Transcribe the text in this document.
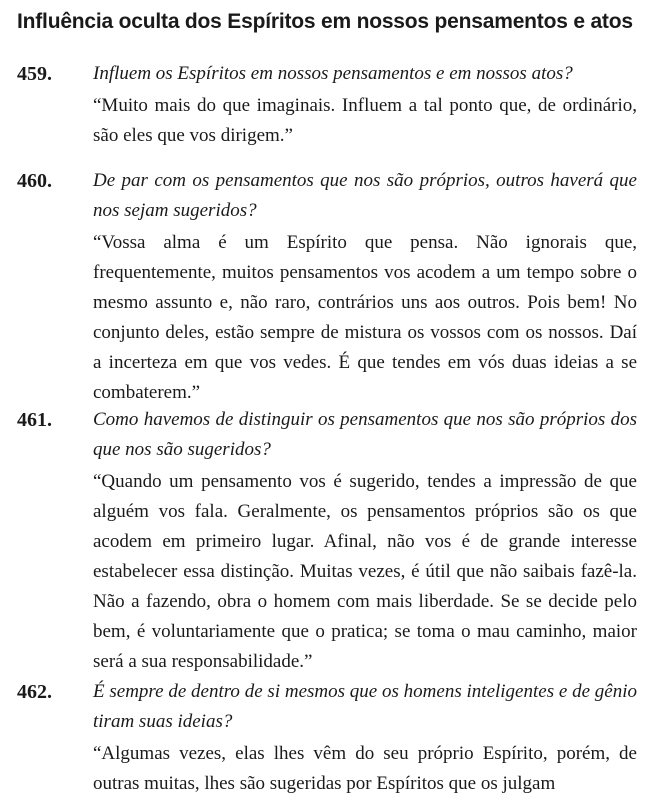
Influência oculta dos Espíritos em nossos pensamentos e atos
459. Influem os Espíritos em nossos pensamentos e em nossos atos?
“Muito mais do que imaginais. Influem a tal ponto que, de ordinário, são eles que vos dirigem.”
460. De par com os pensamentos que nos são próprios, outros haverá que nos sejam sugeridos?
“Vossa alma é um Espírito que pensa. Não ignorais que, frequentemente, muitos pensamentos vos acodem a um tempo sobre o mesmo assunto e, não raro, contrários uns aos outros. Pois bem! No conjunto deles, estão sempre de mistura os vossos com os nossos. Daí a incerteza em que vos vedes. É que tendes em vós duas ideias a se combaterem.”
461. Como havemos de distinguir os pensamentos que nos são próprios dos que nos são sugeridos?
“Quando um pensamento vos é sugerido, tendes a impressão de que alguém vos fala. Geralmente, os pensamentos próprios são os que acodem em primeiro lugar. Afinal, não vos é de grande interesse estabelecer essa distinção. Muitas vezes, é útil que não saibais fazê-la. Não a fazendo, obra o homem com mais liberdade. Se se decide pelo bem, é voluntariamente que o pratica; se toma o mau caminho, maior será a sua responsabilidade.”
462. É sempre de dentro de si mesmos que os homens inteligentes e de gênio tiram suas ideias?
“Algumas vezes, elas lhes vêm do seu próprio Espírito, porém, de outras muitas, lhes são sugeridas por Espíritos que os julgam
